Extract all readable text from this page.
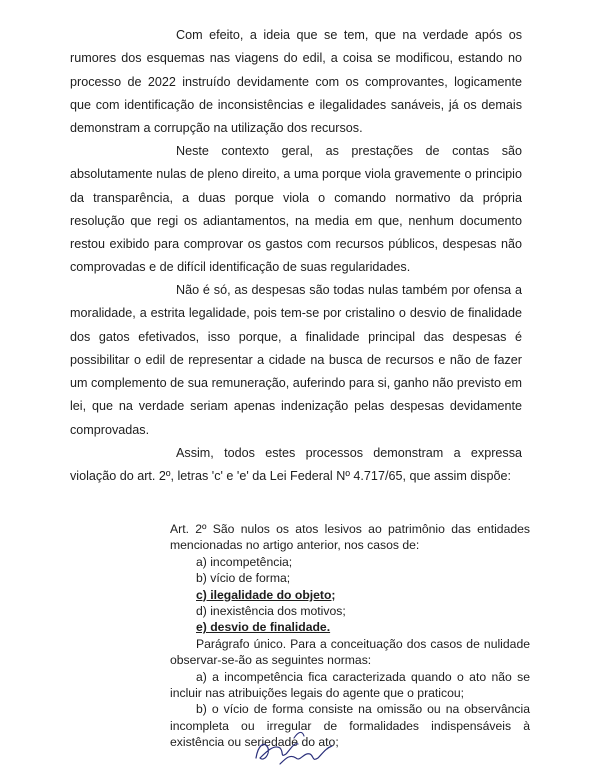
Com efeito, a ideia que se tem, que na verdade após os rumores dos esquemas nas viagens do edil, a coisa se modificou, estando no processo de 2022 instruído devidamente com os comprovantes, logicamente que com identificação de inconsistências e ilegalidades sanáveis, já os demais demonstram a corrupção na utilização dos recursos.

Neste contexto geral, as prestações de contas são absolutamente nulas de pleno direito, a uma porque viola gravemente o principio da transparência, a duas porque viola o comando normativo da própria resolução que regi os adiantamentos, na media em que, nenhum documento restou exibido para comprovar os gastos com recursos públicos, despesas não comprovadas e de difícil identificação de suas regularidades.

Não é só, as despesas são todas nulas também por ofensa a moralidade, a estrita legalidade, pois tem-se por cristalino o desvio de finalidade dos gatos efetivados, isso porque, a finalidade principal das despesas é possibilitar o edil de representar a cidade na busca de recursos e não de fazer um complemento de sua remuneração, auferindo para si, ganho não previsto em lei, que na verdade seriam apenas indenização pelas despesas devidamente comprovadas.

Assim, todos estes processos demonstram a expressa violação do art. 2º, letras 'c' e 'e' da Lei Federal Nº 4.717/65, que assim dispõe:

Art. 2º São nulos os atos lesivos ao patrimônio das entidades mencionadas no artigo anterior, nos casos de:

a) incompetência;

b) vício de forma;

c) ilegalidade do objeto;

d) inexistência dos motivos;

e) desvio de finalidade.

Parágrafo único. Para a conceituação dos casos de nulidade observar-se-ão as seguintes normas:

a) a incompetência fica caracterizada quando o ato não se incluir nas atribuições legais do agente que o praticou;

b) o vício de forma consiste na omissão ou na observância incompleta ou irregular de formalidades indispensáveis à existência ou seriedade do ato;
